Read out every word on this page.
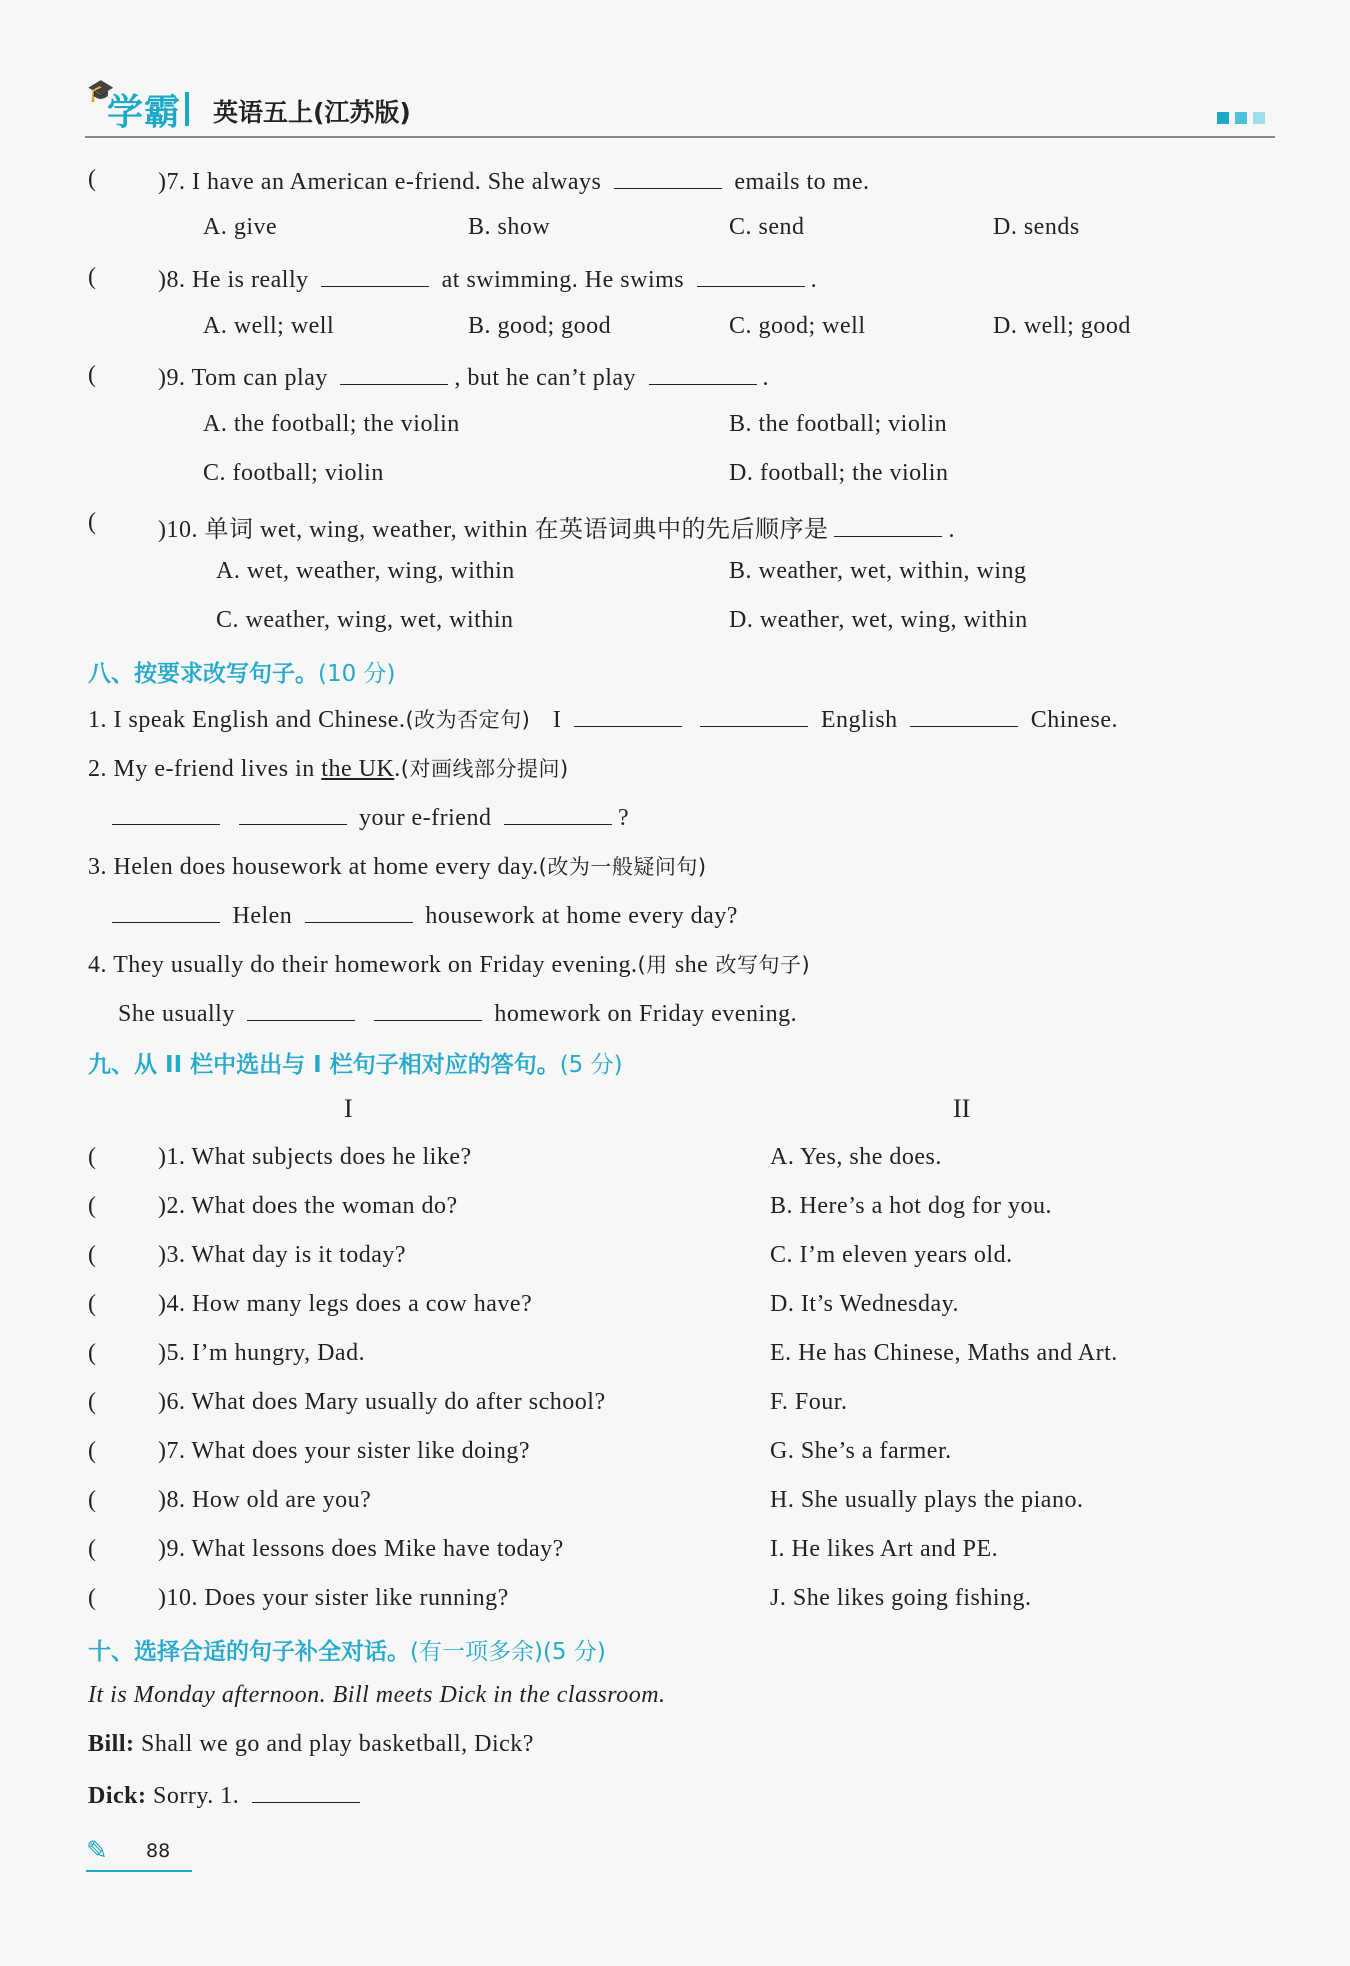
🎓
学霸 英语五上(江苏版)
(	)7. I have an American e-friend. She always	emails to me.
A. give	B. show	C. send	D. sends
(	)8. He is really	at swimming. He swims	.
A. well; well	B. good; good	C. good; well	D. well; good
(	)9. Tom can play	, but he can’t play	.
A. the football; the violin	B. the football; violin
C. football; violin	D. football; the violin
(	)10. 单词 wet, wing, weather, within 在英语词典中的先后顺序是	.
A. wet, weather, wing, within	B. weather, wet, within, wing
C. weather, wing, wet, within	D. weather, wet, wing, within
八、按要求改写句子。(10 分)
1. I speak English and Chinese.(改为否定句) I	English	Chinese.
2. My e-friend lives in the UK.(对画线部分提问)
your e-friend	?
3. Helen does housework at home every day.(改为一般疑问句)
Helen	housework at home every day?
4. They usually do their homework on Friday evening.(用 she 改写句子)
She usually	homework on Friday evening.
九、从 II 栏中选出与 I 栏句子相对应的答句。(5 分)
I	II
(	)1. What subjects does he like?	A. Yes, she does.
(	)2. What does the woman do?	B. Here’s a hot dog for you.
(	)3. What day is it today?	C. I’m eleven years old.
(	)4. How many legs does a cow have?	D. It’s Wednesday.
(	)5. I’m hungry, Dad.	E. He has Chinese, Maths and Art.
(	)6. What does Mary usually do after school?	F. Four.
(	)7. What does your sister like doing?	G. She’s a farmer.
(	)8. How old are you?	H. She usually plays the piano.
(	)9. What lessons does Mike have today?	I. He likes Art and PE.
(	)10. Does your sister like running?	J. She likes going fishing.
十、选择合适的句子补全对话。(有一项多余)(5 分)
It is Monday afternoon. Bill meets Dick in the classroom.
Bill: Shall we go and play basketball, Dick?
Dick: Sorry. 1.
✎ 88
